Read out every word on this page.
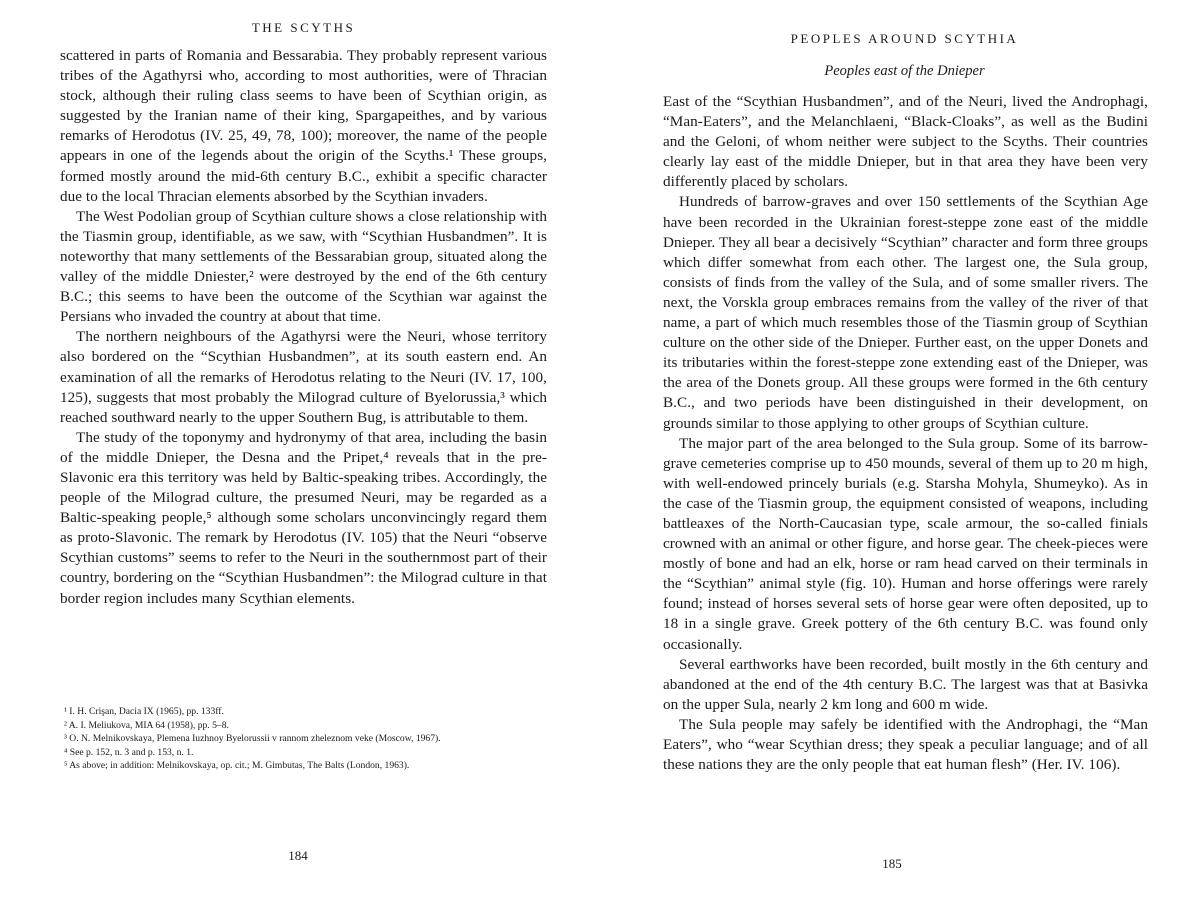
THE SCYTHS

scattered in parts of Romania and Bessarabia. They probably represent various tribes of the Agathyrsi who, according to most authorities, were of Thracian stock, although their ruling class seems to have been of Scythian origin, as suggested by the Iranian name of their king, Spargapeithes, and by various remarks of Herodotus (IV. 25, 49, 78, 100); moreover, the name of the people appears in one of the legends about the origin of the Scyths.¹ These groups, formed mostly around the mid-6th century B.C., exhibit a specific character due to the local Thracian elements absorbed by the Scythian invaders.

The West Podolian group of Scythian culture shows a close relationship with the Tiasmin group, identifiable, as we saw, with “Scythian Husbandmen”. It is noteworthy that many settlements of the Bessarabian group, situated along the valley of the middle Dniester,² were destroyed by the end of the 6th century B.C.; this seems to have been the outcome of the Scythian war against the Persians who invaded the country at about that time.

The northern neighbours of the Agathyrsi were the Neuri, whose territory also bordered on the “Scythian Husbandmen”, at its south eastern end. An examination of all the remarks of Herodotus relating to the Neuri (IV. 17, 100, 125), suggests that most probably the Milograd culture of Byelorussia,³ which reached southward nearly to the upper Southern Bug, is attributable to them.

The study of the toponymy and hydronymy of that area, including the basin of the middle Dnieper, the Desna and the Pripet,⁴ reveals that in the pre-Slavonic era this territory was held by Baltic-speaking tribes. Accordingly, the people of the Milograd culture, the presumed Neuri, may be regarded as a Baltic-speaking people,⁵ although some scholars unconvincingly regard them as proto-Slavonic. The remark by Herodotus (IV. 105) that the Neuri “observe Scythian customs” seems to refer to the Neuri in the southernmost part of their country, bordering on the “Scythian Husbandmen”: the Milograd culture in that border region includes many Scythian elements.

¹ I. H. Crişan, Dacia IX (1965), pp. 133ff.

² A. I. Meliukova, MIA 64 (1958), pp. 5–8.

³ O. N. Melnikovskaya, Plemena Iuzhnoy Byelorussii v rannom zheleznom veke (Moscow, 1967).

⁴ See p. 152, n. 3 and p. 153, n. 1.

⁵ As above; in addition: Melnikovskaya, op. cit.; M. Gimbutas, The Balts (London, 1963).

184
PEOPLES AROUND SCYTHIA
Peoples east of the Dnieper

East of the “Scythian Husbandmen”, and of the Neuri, lived the Androphagi, “Man-Eaters”, and the Melanchlaeni, “Black-Cloaks”, as well as the Budini and the Geloni, of whom neither were subject to the Scyths. Their countries clearly lay east of the middle Dnieper, but in that area they have been very differently placed by scholars.

Hundreds of barrow-graves and over 150 settlements of the Scythian Age have been recorded in the Ukrainian forest-steppe zone east of the middle Dnieper. They all bear a decisively “Scythian” character and form three groups which differ somewhat from each other. The largest one, the Sula group, consists of finds from the valley of the Sula, and of some smaller rivers. The next, the Vorskla group embraces remains from the valley of the river of that name, a part of which much resembles those of the Tiasmin group of Scythian culture on the other side of the Dnieper. Further east, on the upper Donets and its tributaries within the forest-steppe zone extending east of the Dnieper, was the area of the Donets group. All these groups were formed in the 6th century B.C., and two periods have been distinguished in their development, on grounds similar to those applying to other groups of Scythian culture.

The major part of the area belonged to the Sula group. Some of its barrow-grave cemeteries comprise up to 450 mounds, several of them up to 20 m high, with well-endowed princely burials (e.g. Starsha Mohyla, Shumeyko). As in the case of the Tiasmin group, the equipment consisted of weapons, including battleaxes of the North-Caucasian type, scale armour, the so-called finials crowned with an animal or other figure, and horse gear. The cheek-pieces were mostly of bone and had an elk, horse or ram head carved on their terminals in the “Scythian” animal style (fig. 10). Human and horse offerings were rarely found; instead of horses several sets of horse gear were often deposited, up to 18 in a single grave. Greek pottery of the 6th century B.C. was found only occasionally.

Several earthworks have been recorded, built mostly in the 6th century and abandoned at the end of the 4th century B.C. The largest was that at Basivka on the upper Sula, nearly 2 km long and 600 m wide.

The Sula people may safely be identified with the Androphagi, the “Man Eaters”, who “wear Scythian dress; they speak a peculiar language; and of all these nations they are the only people that eat human flesh” (Her. IV. 106).

185
